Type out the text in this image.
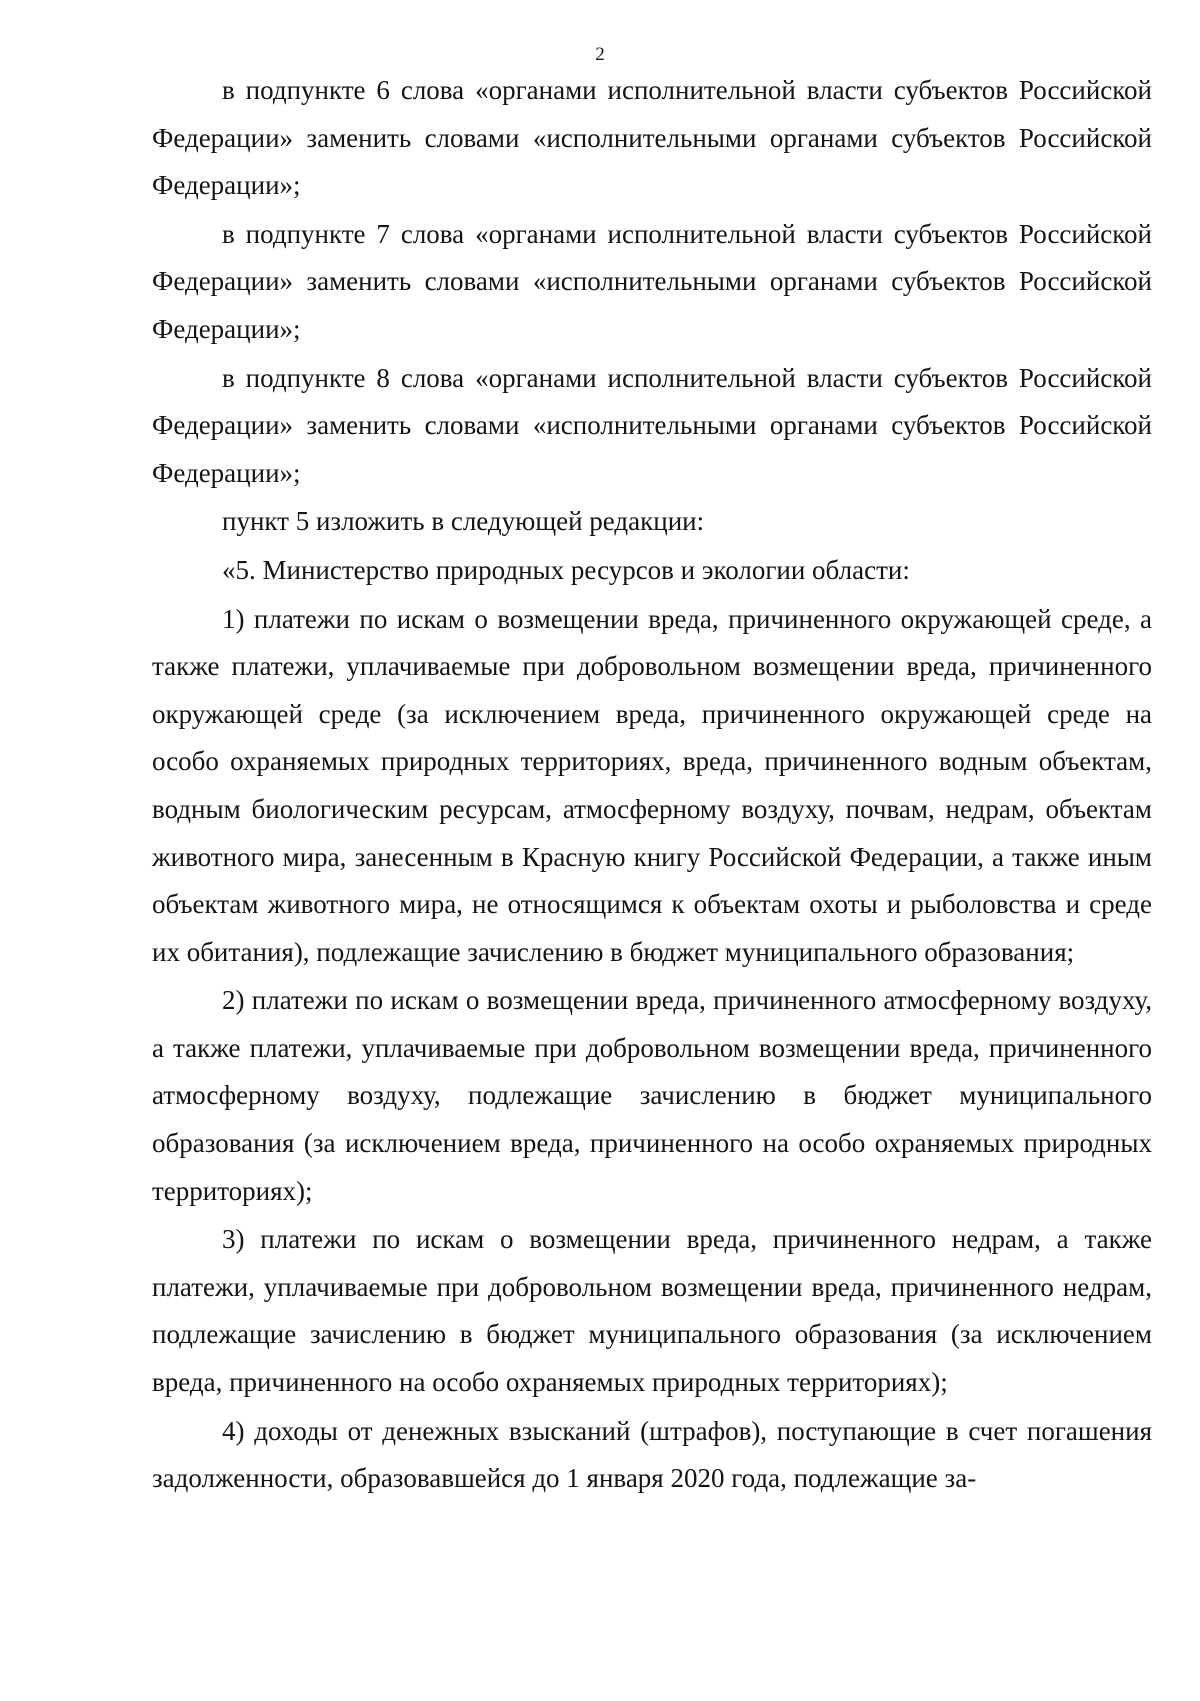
2

в подпункте 6 слова «органами исполнительной власти субъектов Российской Федерации» заменить словами «исполнительными органами субъектов Российской Федерации»;

в подпункте 7 слова «органами исполнительной власти субъектов Российской Федерации» заменить словами «исполнительными органами субъектов Российской Федерации»;

в подпункте 8 слова «органами исполнительной власти субъектов Российской Федерации» заменить словами «исполнительными органами субъектов Российской Федерации»;

пункт 5 изложить в следующей редакции:

«5. Министерство природных ресурсов и экологии области:

1) платежи по искам о возмещении вреда, причиненного окружающей среде, а также платежи, уплачиваемые при добровольном возмещении вреда, причиненного окружающей среде (за исключением вреда, причиненного окружающей среде на особо охраняемых природных территориях, вреда, причиненного водным объектам, водным биологическим ресурсам, атмосферному воздуху, почвам, недрам, объектам животного мира, занесенным в Красную книгу Российской Федерации, а также иным объектам животного мира, не относящимся к объектам охоты и рыболовства и среде их обитания), подлежащие зачислению в бюджет муниципального образования;

2) платежи по искам о возмещении вреда, причиненного атмосферному воздуху, а также платежи, уплачиваемые при добровольном возмещении вреда, причиненного атмосферному воздуху, подлежащие зачислению в бюджет муниципального образования (за исключением вреда, причиненного на особо охраняемых природных территориях);

3) платежи по искам о возмещении вреда, причиненного недрам, а также платежи, уплачиваемые при добровольном возмещении вреда, причиненного недрам, подлежащие зачислению в бюджет муниципального образования (за исключением вреда, причиненного на особо охраняемых природных территориях);

4) доходы от денежных взысканий (штрафов), поступающие в счет погашения задолженности, образовавшейся до 1 января 2020 года, подлежащие за-
